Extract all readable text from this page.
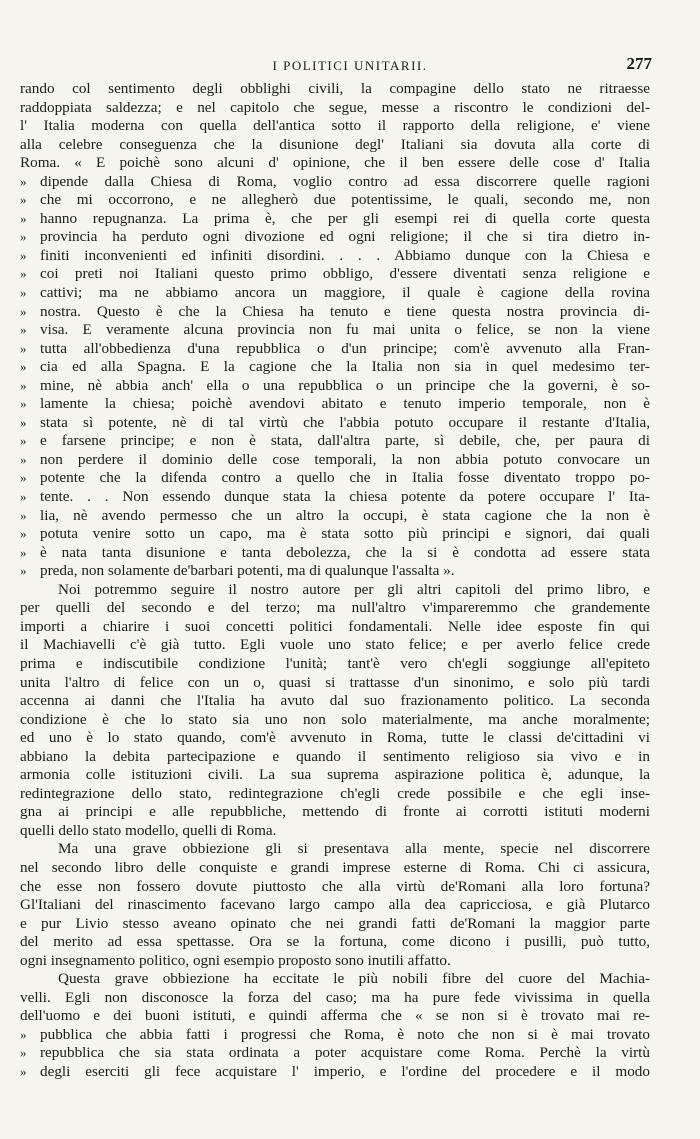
I POLITICI UNITARII.	277
rando col sentimento degli obblighi civili, la compagine dello stato ne ritraesse
raddoppiata saldezza; e nel capitolo che segue, messe a riscontro le condizioni del-
l' Italia moderna con quella dell'antica sotto il rapporto della religione, e' viene
alla celebre conseguenza che la disunione degl' Italiani sia dovuta alla corte di
Roma. « E poichè sono alcuni d' opinione, che il ben essere delle cose d' Italia
» dipende dalla Chiesa di Roma, voglio contro ad essa discorrere quelle ragioni
» che mi occorrono, e ne allegherò due potentissime, le quali, secondo me, non
» hanno repugnanza. La prima è, che per gli esempi rei di quella corte questa
» provincia ha perduto ogni divozione ed ogni religione; il che si tira dietro in-
» finiti inconvenienti ed infiniti disordini. . . . Abbiamo dunque con la Chiesa e
» coi preti noi Italiani questo primo obbligo, d'essere diventati senza religione e
» cattivi; ma ne abbiamo ancora un maggiore, il quale è cagione della rovina
» nostra. Questo è che la Chiesa ha tenuto e tiene questa nostra provincia di-
» visa. E veramente alcuna provincia non fu mai unita o felice, se non la viene
» tutta all'obbedienza d'una repubblica o d'un principe; com'è avvenuto alla Fran-
» cia ed alla Spagna. E la cagione che la Italia non sia in quel medesimo ter-
» mine, nè abbia anch' ella o una repubblica o un principe che la governi, è so-
» lamente la chiesa; poichè avendovi abitato e tenuto imperio temporale, non è
» stata sì potente, nè di tal virtù che l'abbia potuto occupare il restante d'Italia,
» e farsene principe; e non è stata, dall'altra parte, sì debile, che, per paura di
» non perdere il dominio delle cose temporali, la non abbia potuto convocare un
» potente che la difenda contro a quello che in Italia fosse diventato troppo po-
» tente. . . Non essendo dunque stata la chiesa potente da potere occupare l' Ita-
» lia, nè avendo permesso che un altro la occupi, è stata cagione che la non è
» potuta venire sotto un capo, ma è stata sotto più principi e signori, dai quali
» è nata tanta disunione e tanta debolezza, che la si è condotta ad essere stata
» preda, non solamente de'barbari potenti, ma di qualunque l'assalta ».
Noi potremmo seguire il nostro autore per gli altri capitoli del primo libro, e
per quelli del secondo e del terzo; ma null'altro v'impareremmo che grandemente
importi a chiarire i suoi concetti politici fondamentali. Nelle idee esposte fin qui
il Machiavelli c'è già tutto. Egli vuole uno stato felice; e per averlo felice crede
prima e indiscutibile condizione l'unità; tant'è vero ch'egli soggiunge all'epiteto
unita l'altro di felice con un o, quasi si trattasse d'un sinonimo, e solo più tardi
accenna ai danni che l'Italia ha avuto dal suo frazionamento politico. La seconda
condizione è che lo stato sia uno non solo materialmente, ma anche moralmente;
ed uno è lo stato quando, com'è avvenuto in Roma, tutte le classi de'cittadini vi
abbiano la debita partecipazione e quando il sentimento religioso sia vivo e in
armonia colle istituzioni civili. La sua suprema aspirazione politica è, adunque, la
redintegrazione dello stato, redintegrazione ch'egli crede possibile e che egli inse-
gna ai principi e alle repubbliche, mettendo di fronte ai corrotti istituti moderni
quelli dello stato modello, quelli di Roma.
Ma una grave obbiezione gli si presentava alla mente, specie nel discorrere
nel secondo libro delle conquiste e grandi imprese esterne di Roma. Chi ci assicura,
che esse non fossero dovute piuttosto che alla virtù de'Romani alla loro fortuna?
Gl'Italiani del rinascimento facevano largo campo alla dea capricciosa, e già Plutarco
e pur Livio stesso aveano opinato che nei grandi fatti de'Romani la maggior parte
del merito ad essa spettasse. Ora se la fortuna, come dicono i pusilli, può tutto,
ogni insegnamento politico, ogni esempio proposto sono inutili affatto.
Questa grave obbiezione ha eccitate le più nobili fibre del cuore del Machia-
velli. Egli non disconosce la forza del caso; ma ha pure fede vivissima in quella
dell'uomo e dei buoni istituti, e quindi afferma che « se non si è trovato mai re-
» pubblica che abbia fatti i progressi che Roma, è noto che non si è mai trovato
» repubblica che sia stata ordinata a poter acquistare come Roma. Perchè la virtù
» degli eserciti gli fece acquistare l' imperio, e l'ordine del procedere e il modo
